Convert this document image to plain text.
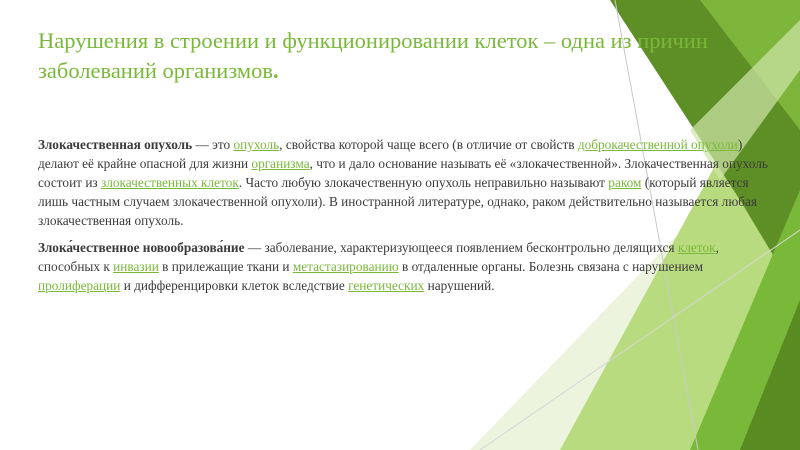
Нарушения в строении и функционировании клеток – одна из причин заболеваний организмов.

Злокачественная опухоль — это опухоль, свойства которой чаще всего (в отличие от свойств доброкачественной опухоли) делают её крайне опасной для жизни организма, что и дало основание называть её «злокачественной». Злокачественная опухоль состоит из злокачественных клеток. Часто любую злокачественную опухоль неправильно называют раком (который является лишь частным случаем злокачественной опухоли). В иностранной литературе, однако, раком действительно называется любая злокачественная опухоль.

Злока́чественное новообразова́ние — заболевание, характеризующееся появлением бесконтрольно делящихся клеток, способных к инвазии в прилежащие ткани и метастазированию в отдаленные органы. Болезнь связана с нарушением пролиферации и дифференцировки клеток вследствие генетических нарушений.
